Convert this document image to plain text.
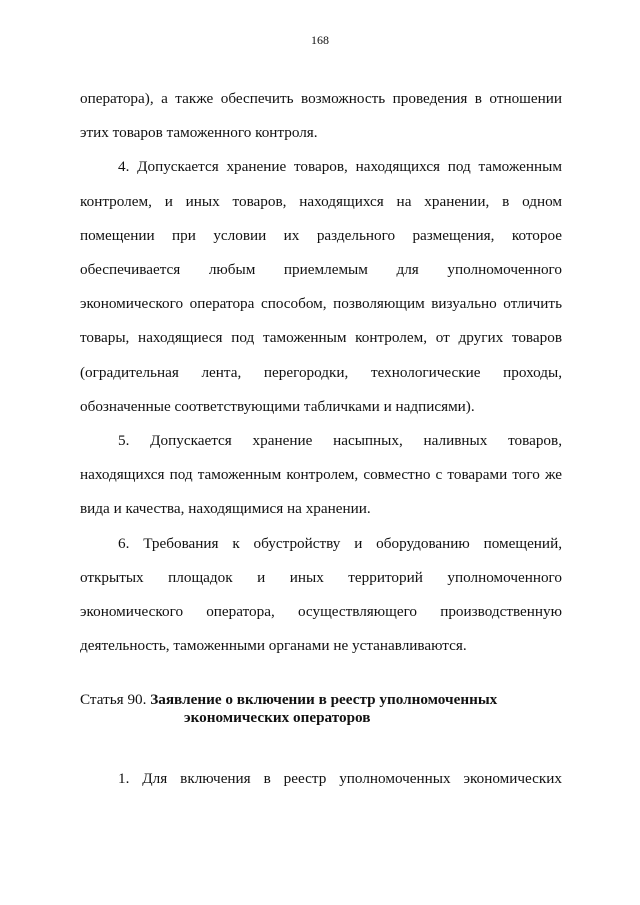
168

оператора), а также обеспечить возможность проведения в отношении этих товаров таможенного контроля.

4. Допускается хранение товаров, находящихся под таможенным контролем, и иных товаров, находящихся на хранении, в одном помещении при условии их раздельного размещения, которое обеспечивается любым приемлемым для уполномоченного экономического оператора способом, позволяющим визуально отличить товары, находящиеся под таможенным контролем, от других товаров (оградительная лента, перегородки, технологические проходы, обозначенные соответствующими табличками и надписями).

5. Допускается хранение насыпных, наливных товаров, находящихся под таможенным контролем, совместно с товарами того же вида и качества, находящимися на хранении.

6. Требования к обустройству и оборудованию помещений, открытых площадок и иных территорий уполномоченного экономического оператора, осуществляющего производственную деятельность, таможенными органами не устанавливаются.

Статья 90. Заявление о включении в реестр уполномоченных
экономических операторов

1. Для включения в реестр уполномоченных экономических
